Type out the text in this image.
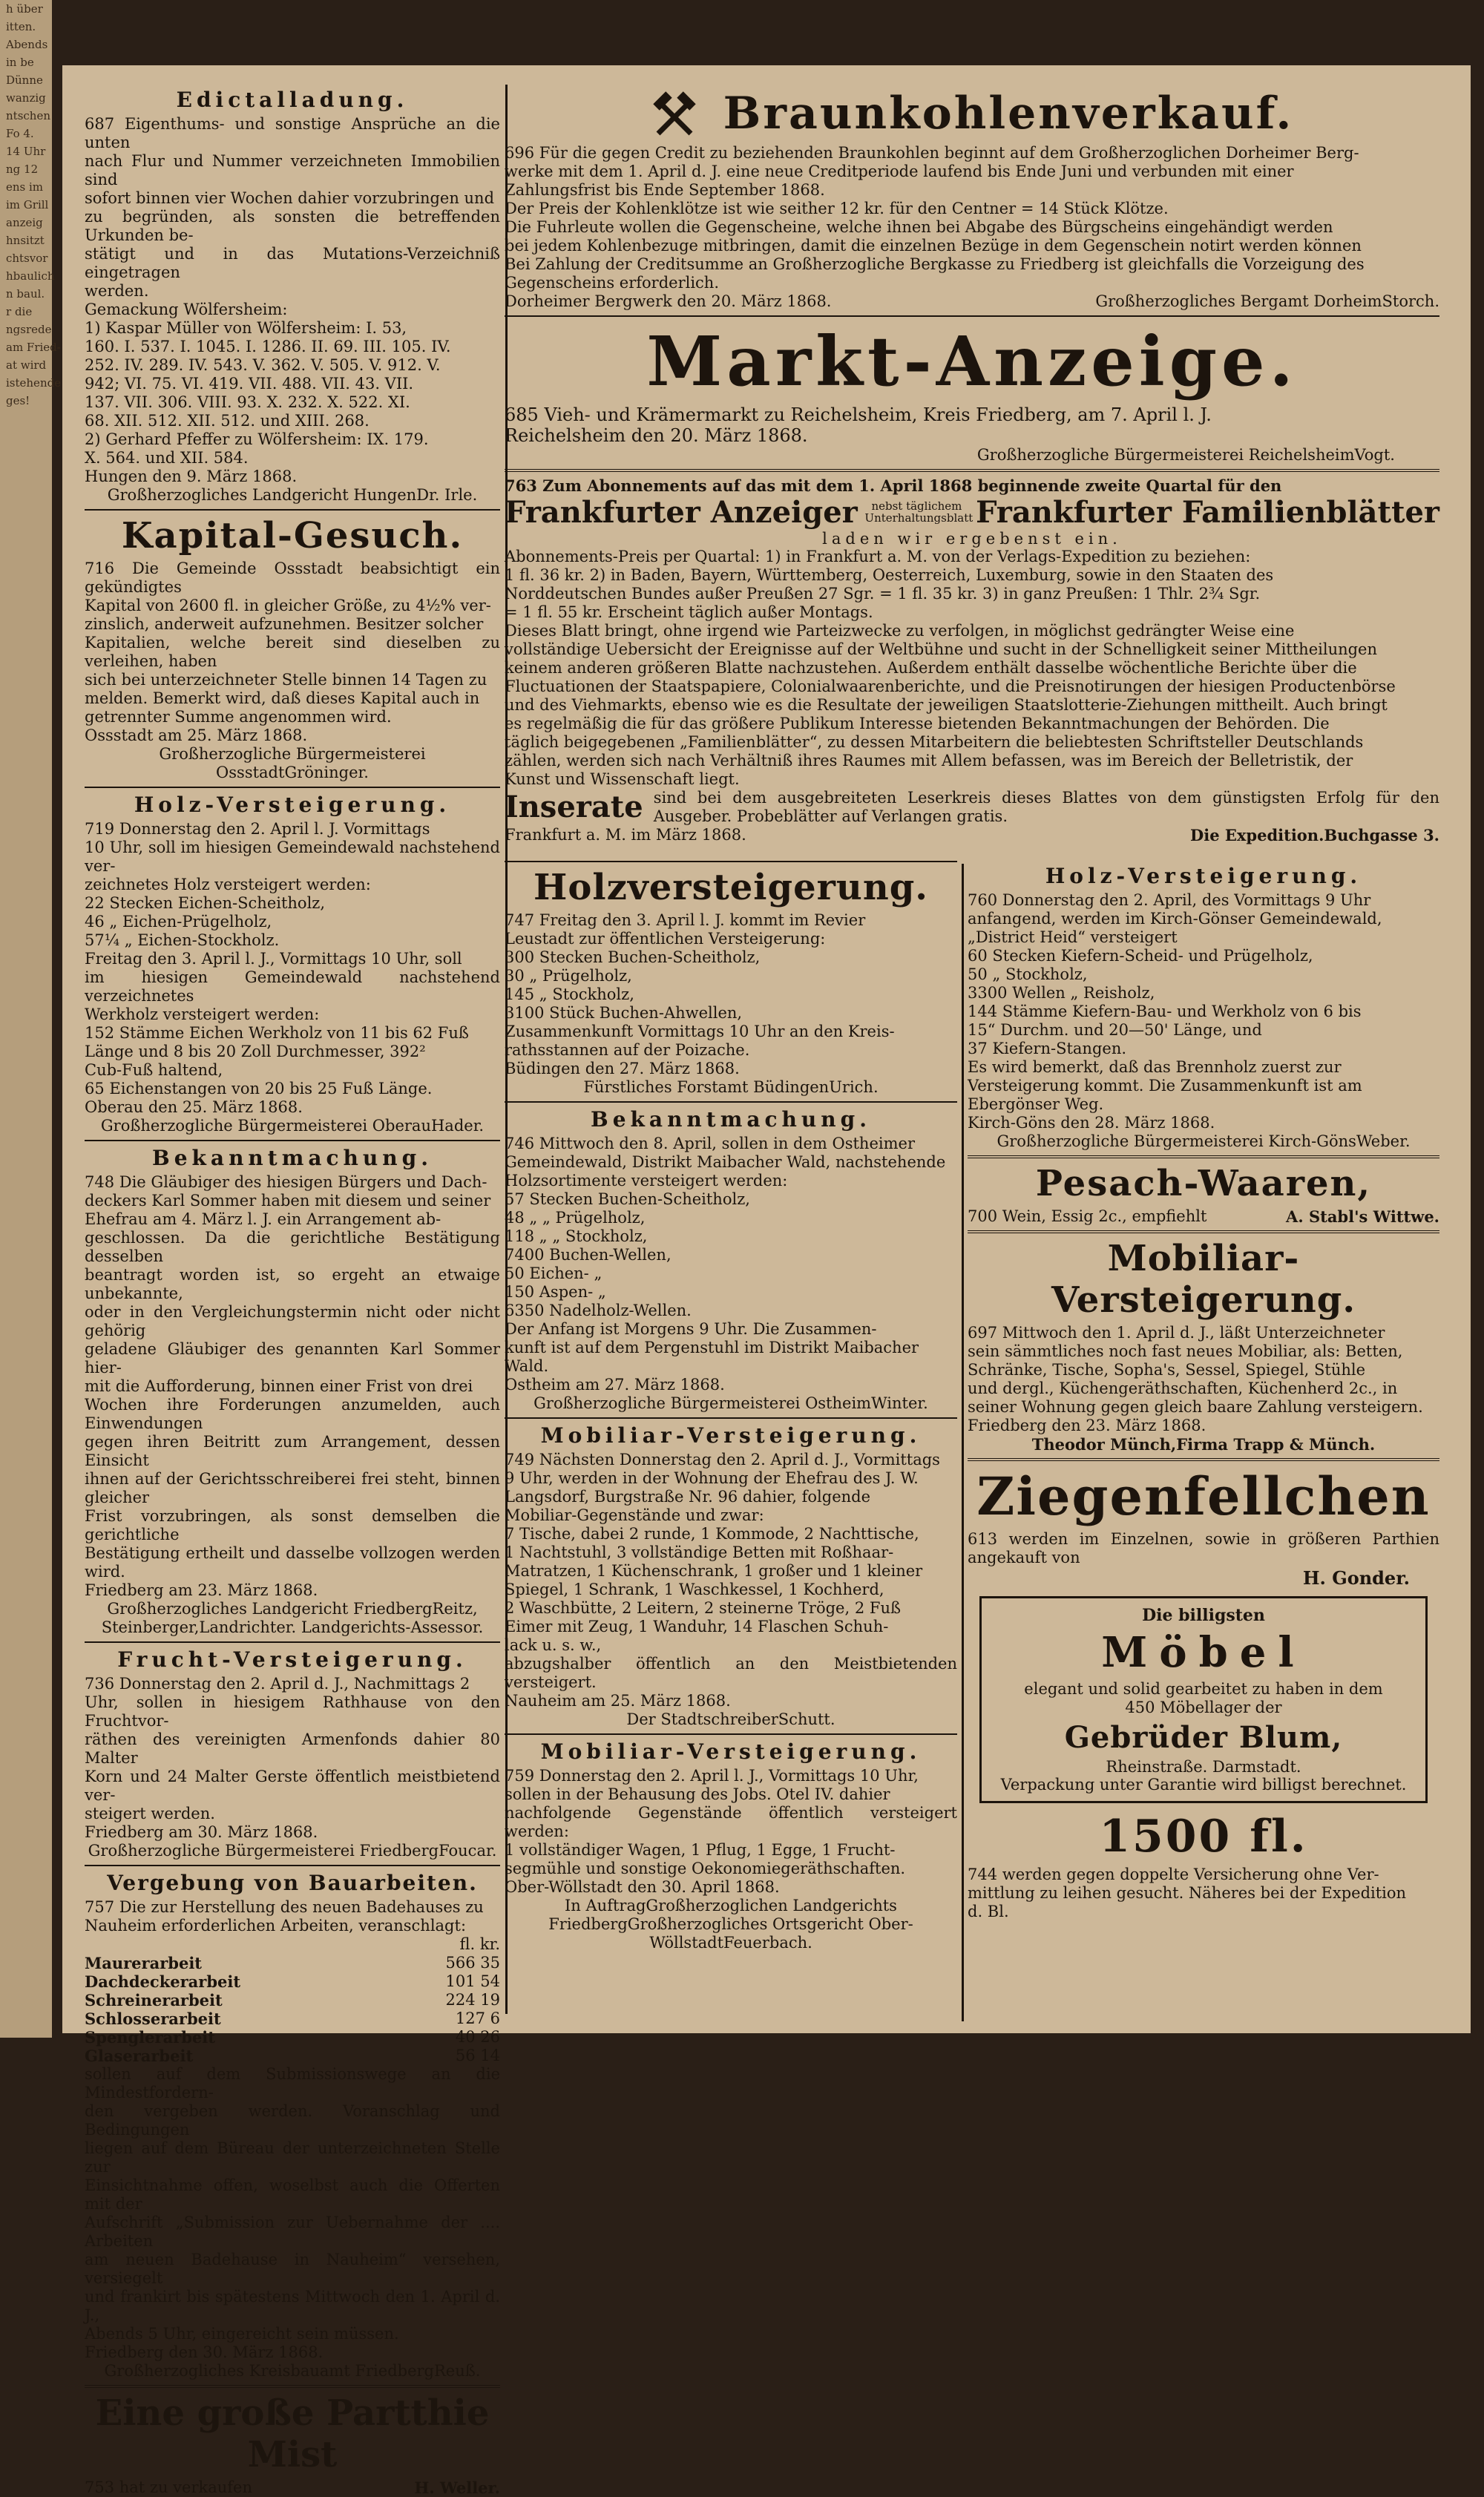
h über
itten.
Abends
in be
Dünne
wanzig
ntschen
Fo 4.
14 Uhr
ng 12
ens im
im Grill
anzeig
hnsitzt
chtsvor
hbaulich
n baul.
r die
ngsrede
am Fried-
at wird
istehende
ges!
Edictalladung.
687 Eigenthums- und sonstige Ansprüche an die unten
nach Flur und Nummer verzeichneten Immobilien sind
sofort binnen vier Wochen dahier vorzubringen und
zu begründen, als sonsten die betreffenden Urkunden be-
stätigt und in das Mutations-Verzeichniß eingetragen
werden.
Gemackung Wölfersheim:
1) Kaspar Müller von Wölfersheim: I. 53,
160. I. 537. I. 1045. I. 1286. II. 69. III. 105. IV.
252. IV. 289. IV. 543. V. 362. V. 505. V. 912. V.
942; VI. 75. VI. 419. VII. 488. VII. 43. VII.
137. VII. 306. VIII. 93. X. 232. X. 522. XI.
68. XII. 512. XII. 512. und XIII. 268.
2) Gerhard Pfeffer zu Wölfersheim: IX. 179.
X. 564. und XII. 584.
Hungen den 9. März 1868.
Großherzogliches Landgericht HungenDr. Irle.
Kapital-Gesuch.
716 Die Gemeinde Ossstadt beabsichtigt ein gekündigtes
Kapital von 2600 fl. in gleicher Größe, zu 4½% ver-
zinslich, anderweit aufzunehmen. Besitzer solcher
Kapitalien, welche bereit sind dieselben zu verleihen, haben
sich bei unterzeichneter Stelle binnen 14 Tagen zu
melden. Bemerkt wird, daß dieses Kapital auch in
getrennter Summe angenommen wird.
Ossstadt am 25. März 1868.
Großherzogliche Bürgermeisterei OssstadtGröninger.
Holz-Versteigerung.
719 Donnerstag den 2. April l. J. Vormittags
10 Uhr, soll im hiesigen Gemeindewald nachstehend ver-
zeichnetes Holz versteigert werden:
22 Stecken Eichen-Scheitholz,
46 „ Eichen-Prügelholz,
57¼ „ Eichen-Stockholz.
Freitag den 3. April l. J., Vormittags 10 Uhr, soll
im hiesigen Gemeindewald nachstehend verzeichnetes
Werkholz versteigert werden:
152 Stämme Eichen Werkholz von 11 bis 62 Fuß
Länge und 8 bis 20 Zoll Durchmesser, 392²
Cub-Fuß haltend,
65 Eichenstangen von 20 bis 25 Fuß Länge.
Oberau den 25. März 1868.
Großherzogliche Bürgermeisterei OberauHader.
Bekanntmachung.
748 Die Gläubiger des hiesigen Bürgers und Dach-
deckers Karl Sommer haben mit diesem und seiner
Ehefrau am 4. März l. J. ein Arrangement ab-
geschlossen. Da die gerichtliche Bestätigung desselben
beantragt worden ist, so ergeht an etwaige unbekannte,
oder in den Vergleichungstermin nicht oder nicht gehörig
geladene Gläubiger des genannten Karl Sommer hier-
mit die Aufforderung, binnen einer Frist von drei
Wochen ihre Forderungen anzumelden, auch Einwendungen
gegen ihren Beitritt zum Arrangement, dessen Einsicht
ihnen auf der Gerichtsschreiberei frei steht, binnen gleicher
Frist vorzubringen, als sonst demselben die gerichtliche
Bestätigung ertheilt und dasselbe vollzogen werden wird.
Friedberg am 23. März 1868.
Großherzogliches Landgericht FriedbergReitz, Steinberger,Landrichter. Landgerichts-Assessor.
Frucht-Versteigerung.
736 Donnerstag den 2. April d. J., Nachmittags 2
Uhr, sollen in hiesigem Rathhause von den Fruchtvor-
räthen des vereinigten Armenfonds dahier 80 Malter
Korn und 24 Malter Gerste öffentlich meistbietend ver-
steigert werden.
Friedberg am 30. März 1868.
Großherzogliche Bürgermeisterei FriedbergFoucar.
Vergebung von Bauarbeiten.
757 Die zur Herstellung des neuen Badehauses zu
Nauheim erforderlichen Arbeiten, veranschlagt:
fl. kr.
Maurerarbeit	566 35
Dachdeckerarbeit	101 54
Schreinerarbeit	224 19
Schlosserarbeit	127 6
Spenglerarbeit	40 26
Glaserarbeit	56 14
sollen auf dem Submissionswege an die Mindestfordern-
den vergeben werden. Voranschlag und Bedingungen
liegen auf dem Büreau der unterzeichneten Stelle zur
Einsichtnahme offen, woselbst auch die Offerten mit der
Aufschrift „Submission zur Uebernahme der .... Arbeiten
am neuen Badehause in Nauheim“ versehen, versiegelt
und frankirt bis spätestens Mittwoch den 1. April d. J.,
Abends 5 Uhr, eingereicht sein müssen.
Friedberg den 30. März 1868.
Großherzogliches Kreisbauamt FriedbergReuß.
Eine große Partthie Mist
753 hat zu verkaufen	H. Weller.
Braunkohlenverkauf.
696 Für die gegen Credit zu beziehenden Braunkohlen beginnt auf dem Großherzoglichen Dorheimer Berg-
werke mit dem 1. April d. J. eine neue Creditperiode laufend bis Ende Juni und verbunden mit einer
Zahlungsfrist bis Ende September 1868.
Der Preis der Kohlenklötze ist wie seither 12 kr. für den Centner = 14 Stück Klötze.
Die Fuhrleute wollen die Gegenscheine, welche ihnen bei Abgabe des Bürgscheins eingehändigt werden
bei jedem Kohlenbezuge mitbringen, damit die einzelnen Bezüge in dem Gegenschein notirt werden können
Bei Zahlung der Creditsumme an Großherzogliche Bergkasse zu Friedberg ist gleichfalls die Vorzeigung des
Gegenscheins erforderlich.
Dorheimer Bergwerk den 20. März 1868.	Großherzogliches Bergamt DorheimStorch.
Markt-Anzeige.
685 Vieh- und Krämermarkt zu Reichelsheim, Kreis Friedberg, am 7. April l. J.
Reichelsheim den 20. März 1868.
Großherzogliche Bürgermeisterei ReichelsheimVogt.
763 Zum Abonnements auf das mit dem 1. April 1868 beginnende zweite Quartal für den
Frankfurter Anzeiger	nebst täglichem Unterhaltungsblatt Frankfurter Familienblätter
laden wir ergebenst ein.
Abonnements-Preis per Quartal: 1) in Frankfurt a. M. von der Verlags-Expedition zu beziehen:
1 fl. 36 kr. 2) in Baden, Bayern, Württemberg, Oesterreich, Luxemburg, sowie in den Staaten des
Norddeutschen Bundes außer Preußen 27 Sgr. = 1 fl. 35 kr. 3) in ganz Preußen: 1 Thlr. 2¾ Sgr.
= 1 fl. 55 kr. Erscheint täglich außer Montags.
Dieses Blatt bringt, ohne irgend wie Parteizwecke zu verfolgen, in möglichst gedrängter Weise eine
vollständige Uebersicht der Ereignisse auf der Weltbühne und sucht in der Schnelligkeit seiner Mittheilungen
keinem anderen größeren Blatte nachzustehen. Außerdem enthält dasselbe wöchentliche Berichte über die
Fluctuationen der Staatspapiere, Colonialwaarenberichte, und die Preisnotirungen der hiesigen Productenbörse
und des Viehmarkts, ebenso wie es die Resultate der jeweiligen Staatslotterie-Ziehungen mittheilt. Auch bringt
es regelmäßig die für das größere Publikum Interesse bietenden Bekanntmachungen der Behörden. Die
täglich beigegebenen „Familienblätter“, zu dessen Mitarbeitern die beliebtesten Schriftsteller Deutschlands
zählen, werden sich nach Verhältniß ihres Raumes mit Allem befassen, was im Bereich der Belletristik, der
Kunst und Wissenschaft liegt.
Inserate sind bei dem ausgebreiteten Leserkreis dieses Blattes von dem günstigsten Erfolg für den Ausgeber. Probeblätter auf Verlangen gratis.
Frankfurt a. M. im März 1868.	Die Expedition.Buchgasse 3.
Holzversteigerung.
747 Freitag den 3. April l. J. kommt im Revier
Leustadt zur öffentlichen Versteigerung:
300 Stecken Buchen-Scheitholz,
30 „ Prügelholz,
145 „ Stockholz,
3100 Stück Buchen-Ahwellen,
Zusammenkunft Vormittags 10 Uhr an den Kreis-
rathsstannen auf der Poizache.
Büdingen den 27. März 1868.
Fürstliches Forstamt BüdingenUrich.
Bekanntmachung.
746 Mittwoch den 8. April, sollen in dem Ostheimer
Gemeindewald, Distrikt Maibacher Wald, nachstehende
Holzsortimente versteigert werden:
57 Stecken Buchen-Scheitholz,
48 „ „ Prügelholz,
118 „ „ Stockholz,
7400 Buchen-Wellen,
50 Eichen- „
150 Aspen- „
6350 Nadelholz-Wellen.
Der Anfang ist Morgens 9 Uhr. Die Zusammen-
kunft ist auf dem Pergenstuhl im Distrikt Maibacher
Wald.
Ostheim am 27. März 1868.
Großherzogliche Bürgermeisterei OstheimWinter.
Mobiliar-Versteigerung.
749 Nächsten Donnerstag den 2. April d. J., Vormittags
9 Uhr, werden in der Wohnung der Ehefrau des J. W.
Langsdorf, Burgstraße Nr. 96 dahier, folgende
Mobiliar-Gegenstände und zwar:
7 Tische, dabei 2 runde, 1 Kommode, 2 Nachttische,
1 Nachtstuhl, 3 vollständige Betten mit Roßhaar-
Matratzen, 1 Küchenschrank, 1 großer und 1 kleiner
Spiegel, 1 Schrank, 1 Waschkessel, 1 Kochherd,
2 Waschbütte, 2 Leitern, 2 steinerne Tröge, 2 Fuß
Eimer mit Zeug, 1 Wanduhr, 14 Flaschen Schuh-
lack u. s. w.,
abzugshalber öffentlich an den Meistbietenden versteigert.
Nauheim am 25. März 1868.
Der StadtschreiberSchutt.
Mobiliar-Versteigerung.
759 Donnerstag den 2. April l. J., Vormittags 10 Uhr,
sollen in der Behausung des Jobs. Otel IV. dahier
nachfolgende Gegenstände öffentlich versteigert werden:
1 vollständiger Wagen, 1 Pflug, 1 Egge, 1 Frucht-
segmühle und sonstige Oekonomiegeräthschaften.
Ober-Wöllstadt den 30. April 1868.
In AuftragGroßherzoglichen Landgerichts FriedbergGroßherzogliches Ortsgericht Ober-WöllstadtFeuerbach.
Holz-Versteigerung.
760 Donnerstag den 2. April, des Vormittags 9 Uhr
anfangend, werden im Kirch-Gönser Gemeindewald,
„District Heid“ versteigert
60 Stecken Kiefern-Scheid- und Prügelholz,
50 „ Stockholz,
3300 Wellen „ Reisholz,
144 Stämme Kiefern-Bau- und Werkholz von 6 bis
15“ Durchm. und 20—50' Länge, und
37 Kiefern-Stangen.
Es wird bemerkt, daß das Brennholz zuerst zur
Versteigerung kommt. Die Zusammenkunft ist am
Ebergönser Weg.
Kirch-Göns den 28. März 1868.
Großherzogliche Bürgermeisterei Kirch-GönsWeber.
Pesach-Waaren,
700 Wein, Essig 2c., empfiehlt	A. Stabl's Wittwe.
Mobiliar-Versteigerung.
697 Mittwoch den 1. April d. J., läßt Unterzeichneter
sein sämmtliches noch fast neues Mobiliar, als: Betten,
Schränke, Tische, Sopha's, Sessel, Spiegel, Stühle
und dergl., Küchengeräthschaften, Küchenherd 2c., in
seiner Wohnung gegen gleich baare Zahlung versteigern.
Friedberg den 23. März 1868.
Theodor Münch,Firma Trapp & Münch.
Ziegenfellchen
613 werden im Einzelnen, sowie in größeren Parthien angekauft von
H. Gonder.
Die billigsten
Möbel
elegant und solid gearbeitet zu haben in dem
450 Möbellager der
Gebrüder Blum,
Rheinstraße. Darmstadt.
Verpackung unter Garantie wird billigst berechnet.
1500 fl.
744 werden gegen doppelte Versicherung ohne Ver-
mittlung zu leihen gesucht. Näheres bei der Expedition
d. Bl.
